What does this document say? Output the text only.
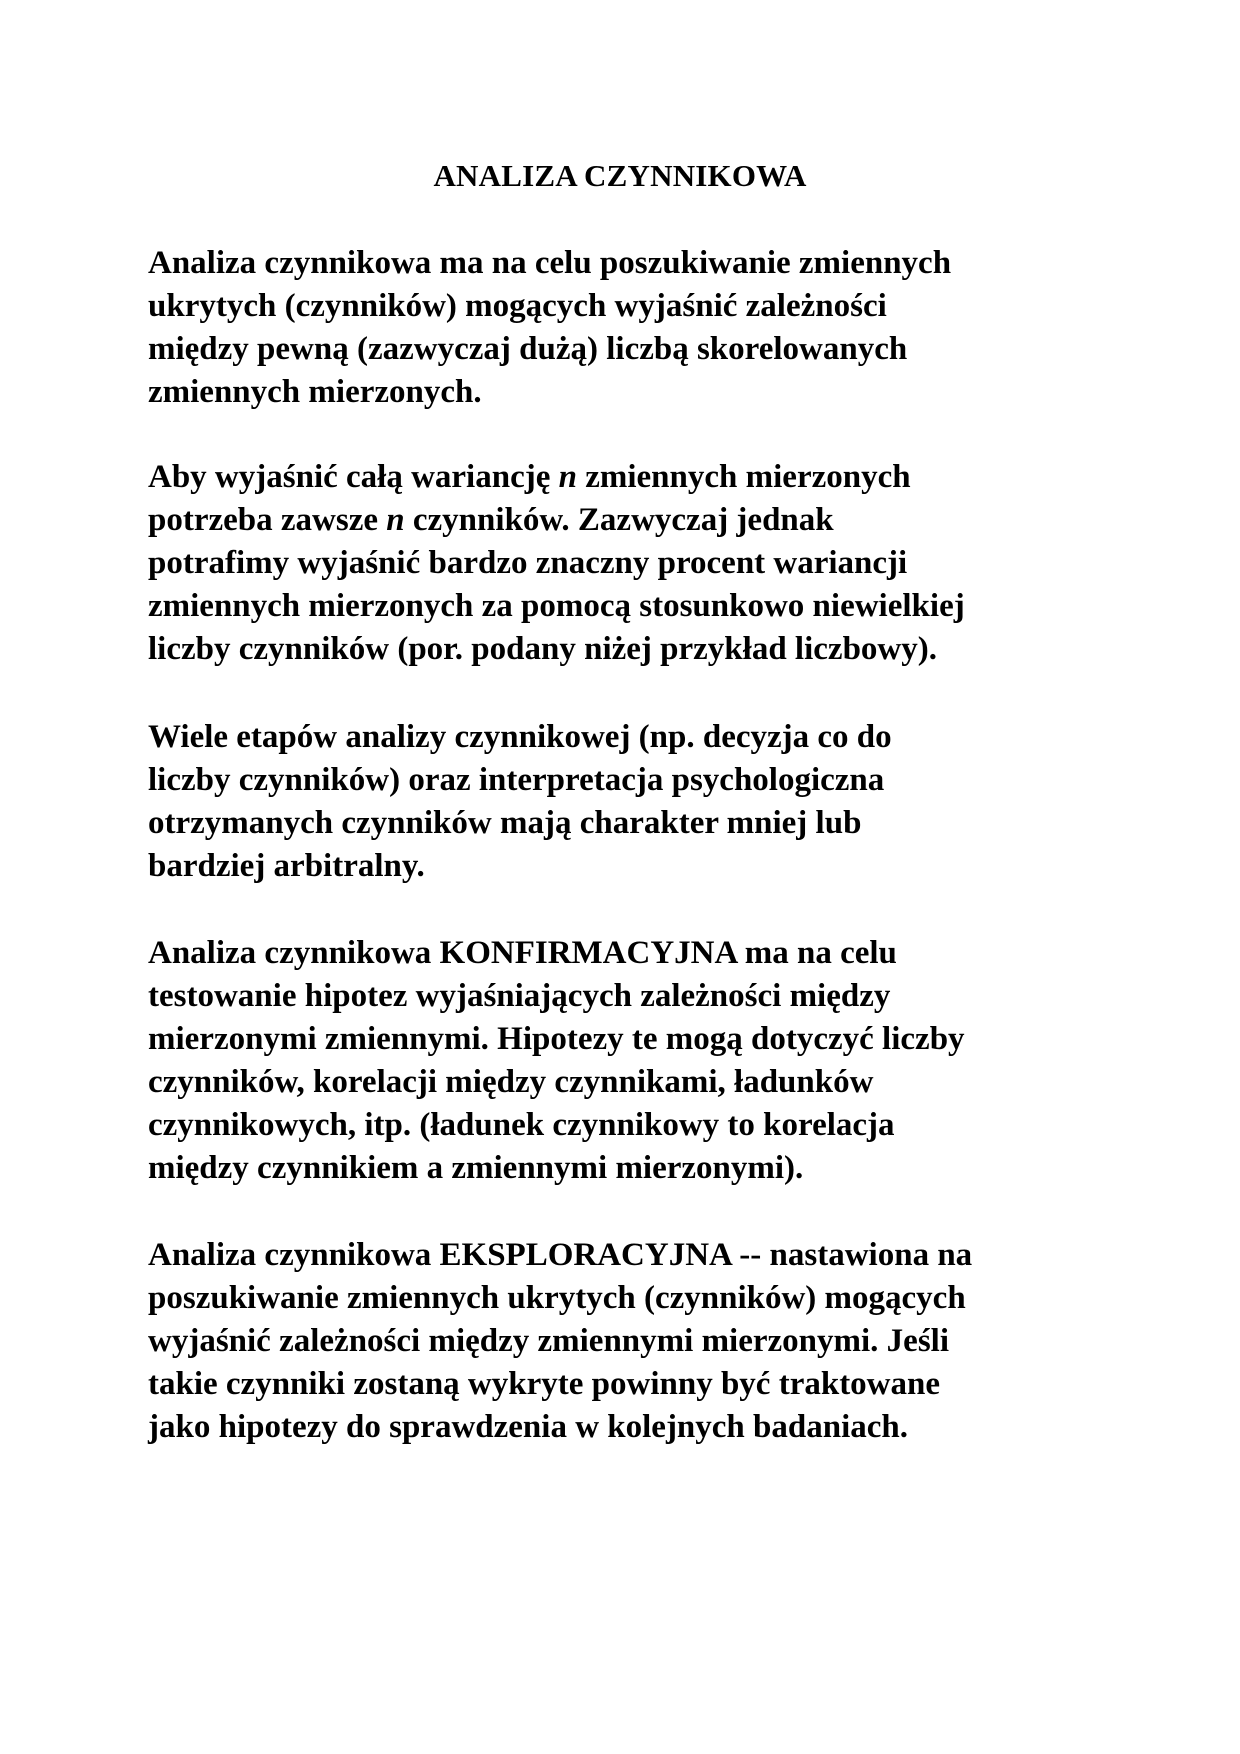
ANALIZA CZYNNIKOWA
Analiza czynnikowa ma na celu poszukiwanie zmiennych
ukrytych (czynników) mogących wyjaśnić zależności
między pewną (zazwyczaj dużą) liczbą skorelowanych
zmiennych mierzonych.
Aby wyjaśnić całą wariancję n zmiennych mierzonych
potrzeba zawsze n czynników. Zazwyczaj jednak
potrafimy wyjaśnić bardzo znaczny procent wariancji
zmiennych mierzonych za pomocą stosunkowo niewielkiej
liczby czynników (por. podany niżej przykład liczbowy).
Wiele etapów analizy czynnikowej (np. decyzja co do
liczby czynników) oraz interpretacja psychologiczna
otrzymanych czynników mają charakter mniej lub
bardziej arbitralny.
Analiza czynnikowa KONFIRMACYJNA ma na celu
testowanie hipotez wyjaśniających zależności między
mierzonymi zmiennymi. Hipotezy te mogą dotyczyć liczby
czynników, korelacji między czynnikami, ładunków
czynnikowych, itp. (ładunek czynnikowy to korelacja
między czynnikiem a zmiennymi mierzonymi).
Analiza czynnikowa EKSPLORACYJNA -- nastawiona na
poszukiwanie zmiennych ukrytych (czynników) mogących
wyjaśnić zależności między zmiennymi mierzonymi. Jeśli
takie czynniki zostaną wykryte powinny być traktowane
jako hipotezy do sprawdzenia w kolejnych badaniach.
